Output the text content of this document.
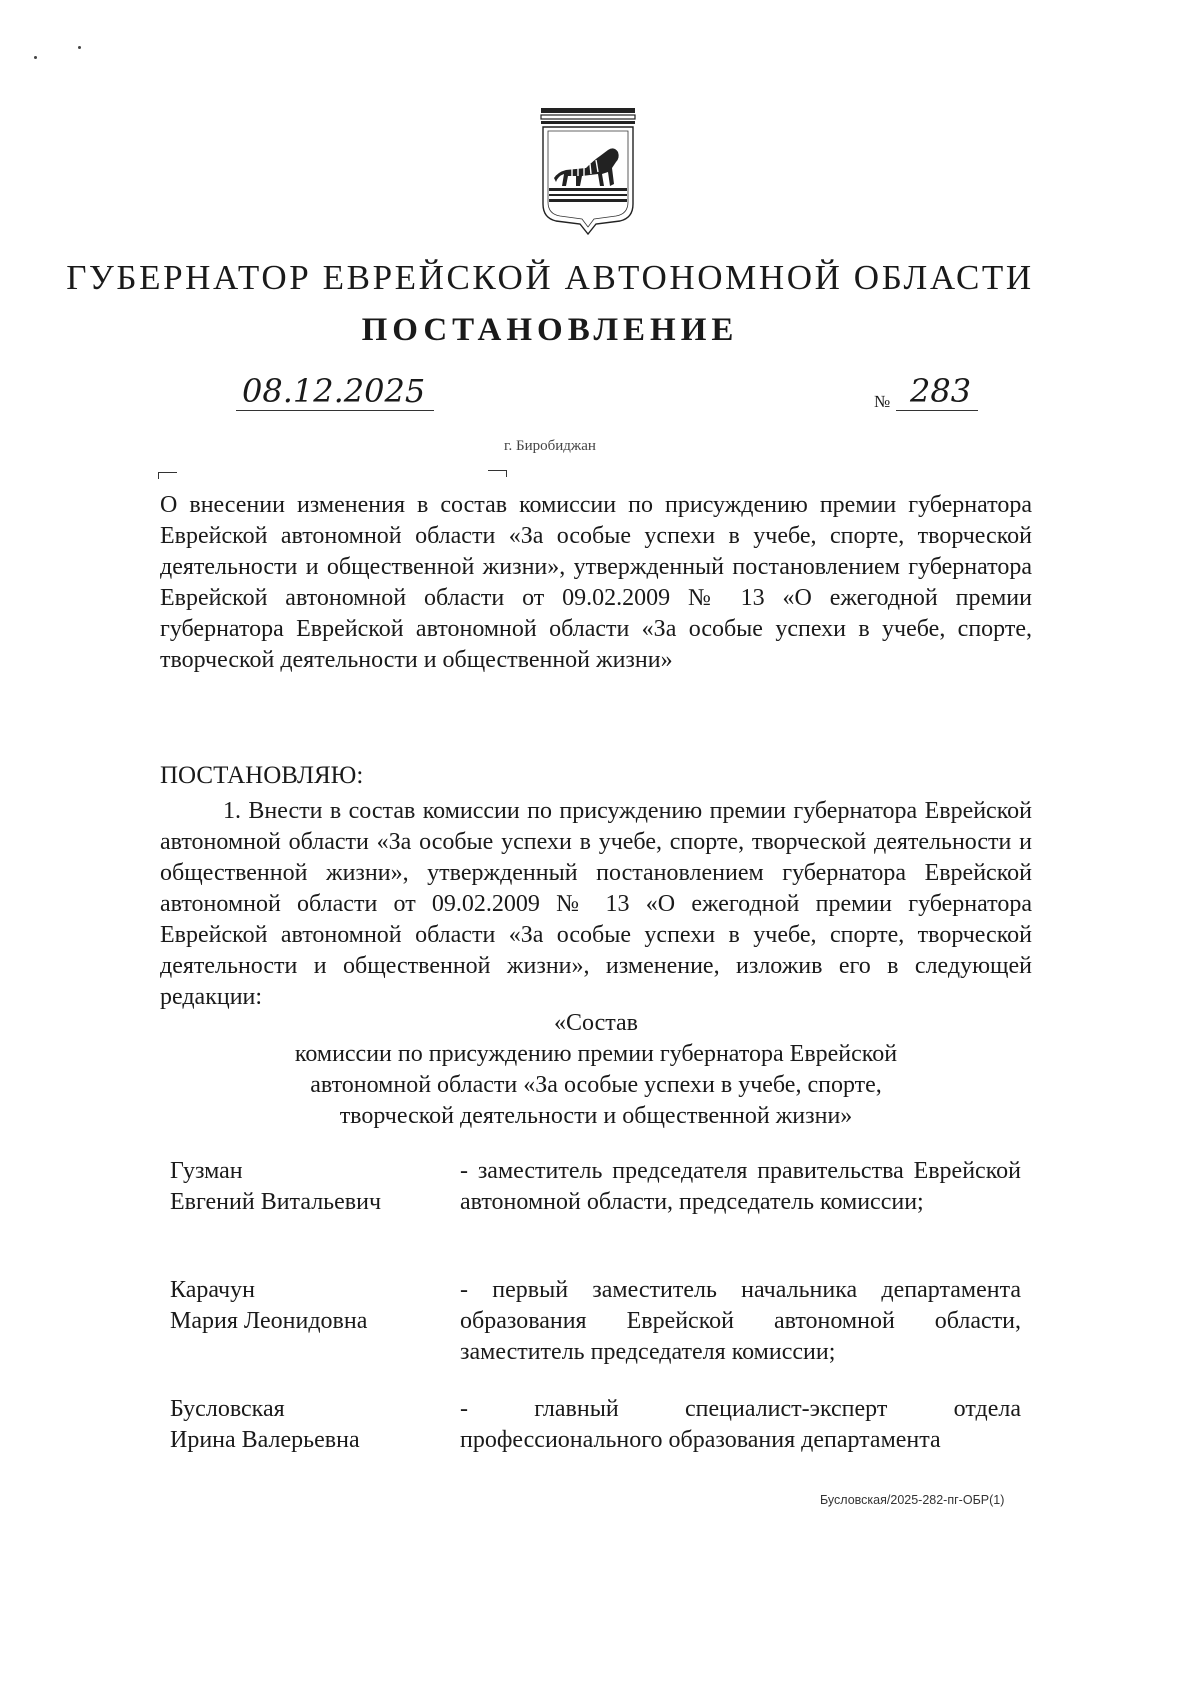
ГУБЕРНАТОР ЕВРЕЙСКОЙ АВТОНОМНОЙ ОБЛАСТИ
ПОСТАНОВЛЕНИЕ
08.12.2025	№ 283
г. Биробиджан

О внесении изменения в состав комиссии по присуждению премии губернатора Еврейской автономной области «За особые успехи в учебе, спорте, творческой деятельности и общественной жизни», утвержденный постановлением губернатора Еврейской автономной области от 09.02.2009 № 13 «О ежегодной премии губернатора Еврейской автономной области «За особые успехи в учебе, спорте, творческой деятельности и общественной жизни»

ПОСТАНОВЛЯЮ:

1. Внести в состав комиссии по присуждению премии губернатора Еврейской автономной области «За особые успехи в учебе, спорте, творческой деятельности и общественной жизни», утвержденный постановлением губернатора Еврейской автономной области от 09.02.2009 № 13 «О ежегодной премии губернатора Еврейской автономной области «За особые успехи в учебе, спорте, творческой деятельности и общественной жизни», изменение, изложив его в следующей редакции:

«Состав
комиссии по присуждению премии губернатора Еврейской
автономной области «За особые успехи в учебе, спорте,
творческой деятельности и общественной жизни»
Гузман
Евгений Витальевич

- заместитель председателя правительства Еврейской автономной области, председатель комиссии;

Карачун
Мария Леонидовна

- первый заместитель начальника департамента образования Еврейской автономной области, заместитель председателя комиссии;

Бусловская
Ирина Валерьевна

- главный специалист-эксперт отдела профессионального образования департамента

Бусловская/2025-282-пг-ОБР(1)
